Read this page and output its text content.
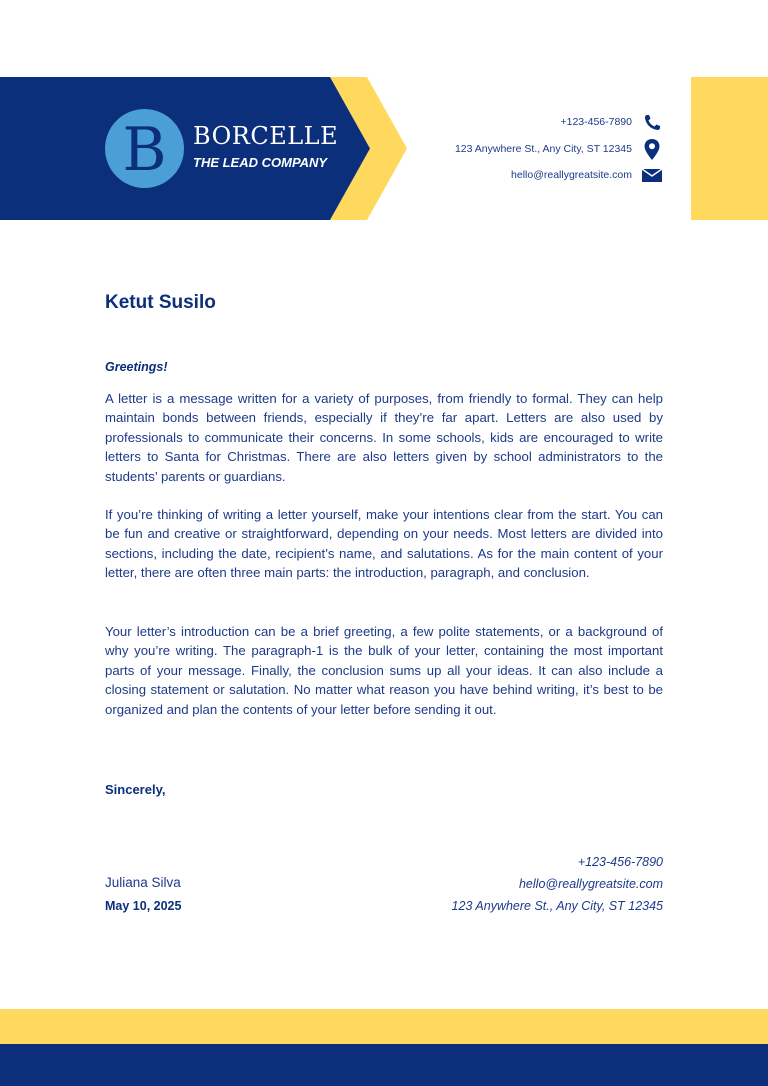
B BORCELLE
THE LEAD COMPANY
+123-456-7890
123 Anywhere St., Any City, ST 12345
hello@reallygreatsite.com
Ketut Susilo
Greetings!

A letter is a message written for a variety of purposes, from friendly to formal. They can help maintain bonds between friends, especially if they’re far apart. Letters are also used by professionals to communicate their concerns. In some schools, kids are encouraged to write letters to Santa for Christmas. There are also letters given by school administrators to the students’ parents or guardians.

If you’re thinking of writing a letter yourself, make your intentions clear from the start. You can be fun and creative or straightforward, depending on your needs. Most letters are divided into sections, including the date, recipient’s name, and salutations. As for the main content of your letter, there are often three main parts: the introduction, paragraph, and conclusion.

Your letter’s introduction can be a brief greeting, a few polite statements, or a background of why you’re writing. The paragraph-1 is the bulk of your letter, containing the most important parts of your message. Finally, the conclusion sums up all your ideas. It can also include a closing statement or salutation. No matter what reason you have behind writing, it’s best to be organized and plan the contents of your letter before sending it out.

Sincerely,
Juliana Silva
May 10, 2025
+123-456-7890
hello@reallygreatsite.com
123 Anywhere St., Any City, ST 12345
